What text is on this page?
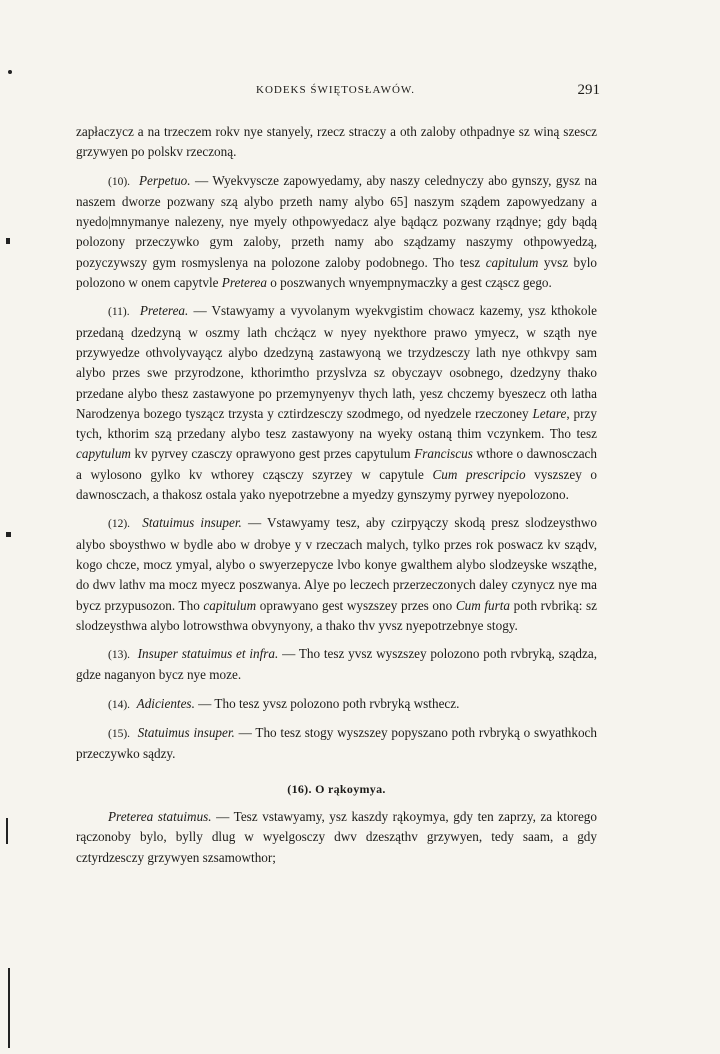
KODEKS ŚWIĘTOSŁAWÓW.	291

zapłaczycz a na trzeczem rokv nye stanyely, rzecz straczy a oth zaloby othpadnye sz winą szescz grzywyen po polskv rzeczoną.

(10). Perpetuo. — Wyekvyscze zapowyedamy, aby naszy celednyczy abo gynszy, gysz na naszem dworze pozwany szą alybo przeth namy alybo 65] naszym sządem zapowyedzany a nyedo|mnymanye nalezeny, nye myely othpowyedacz alye bądącz pozwany rządnye; gdy bądą polozony przeczywko gym zaloby, przeth namy abo sządzamy naszymy othpowyedzą, pozyczywszy gym rosmyslenya na polozone zaloby podobnego. Tho tesz capitulum yvsz bylo polozono w onem capytvle Preterea o poszwanych wnyempnymaczky a gest cząscz gego.

(11). Preterea. — Vstawyamy a vyvolanym wyekvgistim chowacz kazemy, ysz kthokole przedaną dzedzyną w oszmy lath chcżącz w nyey nyekthore prawo ymyecz, w sząth nye przywyedze othvolyvayącz alybo dzedzyną zastawyoną we trzydzesczy lath nye othkvpy sam alybo przes swe przyrodzone, kthorimtho przyslvza sz obyczayv osobnego, dzedzyny thako przedane alybo thesz zastawyone po przemynyenyv thych lath, yesz chczemy byeszecz oth latha Narodzenya bozego tyszącz trzysta y cztirdzesczy szodmego, od nyedzele rzeczoney Letare, przy tych, kthorim szą przedany alybo tesz zastawyony na wyeky ostaną thim vczynkem. Tho tesz capytulum kv pyrvey czasczy oprawyono gest przes capytulum Franciscus wthore o dawnosczach a wylosono gylko kv wthorey cząsczy szyrzey w capytule Cum prescripcio vyszszey o dawnosczach, a thakosz ostala yako nyepotrzebne a myedzy gynszymy pyrwey nyepolozono.

(12). Statuimus insuper. — Vstawyamy tesz, aby czirpyączy skodą presz slodzeysthwo alybo sboysthwo w bydle abo w drobye y v rzeczach malych, tylko przes rok poswacz kv sządv, kogo chcze, mocz ymyal, alybo o swyerzepycze lvbo konye gwalthem alybo slodzeyske wsząthe, do dwv lathv ma mocz myecz poszwanya. Alye po leczech przerzeczonych daley czynycz nye ma bycz przypusozon. Tho capitulum oprawyano gest wyszszey przes ono Cum furta poth rvbriką: sz slodzeysthwa alybo lotrowsthwa obvynyony, a thako thv yvsz nyepotrzebnye stogy.

(13). Insuper statuimus et infra. — Tho tesz yvsz wyszszey polozono poth rvbryką, sządza, gdze naganyon bycz nye moze.

(14). Adicientes. — Tho tesz yvsz polozono poth rvbryką wsthecz.

(15). Statuimus insuper. — Tho tesz stogy wyszszey popyszano poth rvbryką o swyathkoch przeczywko sądzy.

(16). O rąkoymya.

Preterea statuimus. — Tesz vstawyamy, ysz kaszdy rąkoymya, gdy ten zaprzy, za ktorego rączonoby bylo, bylly dlug w wyelgosczy dwv dzesząthv grzywyen, tedy saam, a gdy cztyrdzesczy grzywyen szsamowthor;
